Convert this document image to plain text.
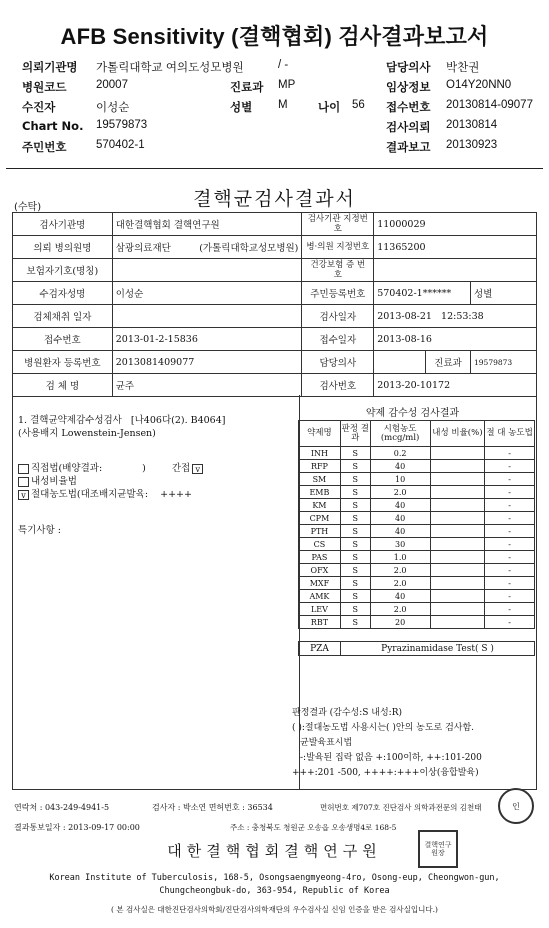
AFB Sensitivity (결핵협회) 검사결과보고서
의뢰기관명 가톨릭대학교 여의도성모병원	/ -	담당의사 박찬권
병원코드	20007	진료과 MP	임상정보 O14Y20NN0
수진자	이성순	성별 M	나이 56 접수번호 20130814-09077
Chart No. 19579873	검사의뢰 20130814
주민번호	570402-1	결과보고 20130923
(수탁)	결핵균검사결과서
검사기관명	대한결핵협회 결핵연구원	검사기관 지정번호	11000029		
의뢰 병의원명	삼광의료재단 (가톨릭대학교성모병원)	병·의원 지정번호	11365200		
보험자기호(명칭)		건강보험 증 번 호			
수검자성명	이성순	주민등록번호	570402-1******		성별
검체채취 일자		검사일자	2013-08-21 12:53:38		
접수번호	2013-01-2-15836	접수일자	2013-08-16		
병원환자 등록번호	2013081409077	담당의사		진료과	19579873
검 체 명	균주	검사번호	2013-20-10172		
1. 결핵균약제감수성검사 [나406다(2). B4064]
(사용배지 Lowenstein-Jensen)
직접법(배양결과:	)	간접 v
내성비율법
v 절대농도법(대조배지균발육: ++++
특기사항 :
약제 감수성 검사결과
약제명	판정 결과	시험농도 (mcg/ml)	내성 비율(%)	절 대 농도법
INH	S	0.2		-
RFP	S	40		-
SM	S	10		-
EMB	S	2.0		-
KM	S	40		-
CPM	S	40		-
PTH	S	40		-
CS	S	30		-
PAS	S	1.0		-
OFX	S	2.0		-
MXF	S	2.0		-
AMK	S	40		-
LEV	S	2.0		-
RBT	S	20		-
PZA	Pyrazinamidase Test( S )
판정결과 (감수성:S 내성:R)
( ):절대농도법 사용시는( )안의 농도로 검사함.
균발육표시법
-:발육된 집락 없음 +:100이하, ++:101-200
+++:201 -500, ++++:+++이상(융합발육)
연락처 : 043-249-4941-5	검사자 : 박소연 면허번호 : 36534	면허번호 제707호 진단검사 의학과전문의 김천태
결과통보일자 : 2013-09-17 00:00	주소 : 충청북도 청원군 오송읍 오송생명4로 168-5
대한결핵협회결핵연구원
인
결핵연구원장
Korean Institute of Tuberculosis, 168-5, Osongsaengmyeong-4ro, Osong-eup, Cheongwon-gun,
Chungcheongbuk-do, 363-954, Republic of Korea
( 본 검사실은 대한진단검사의학회/진단검사의학재단의 우수검사실 신임 인증을 받은 검사실입니다.)
